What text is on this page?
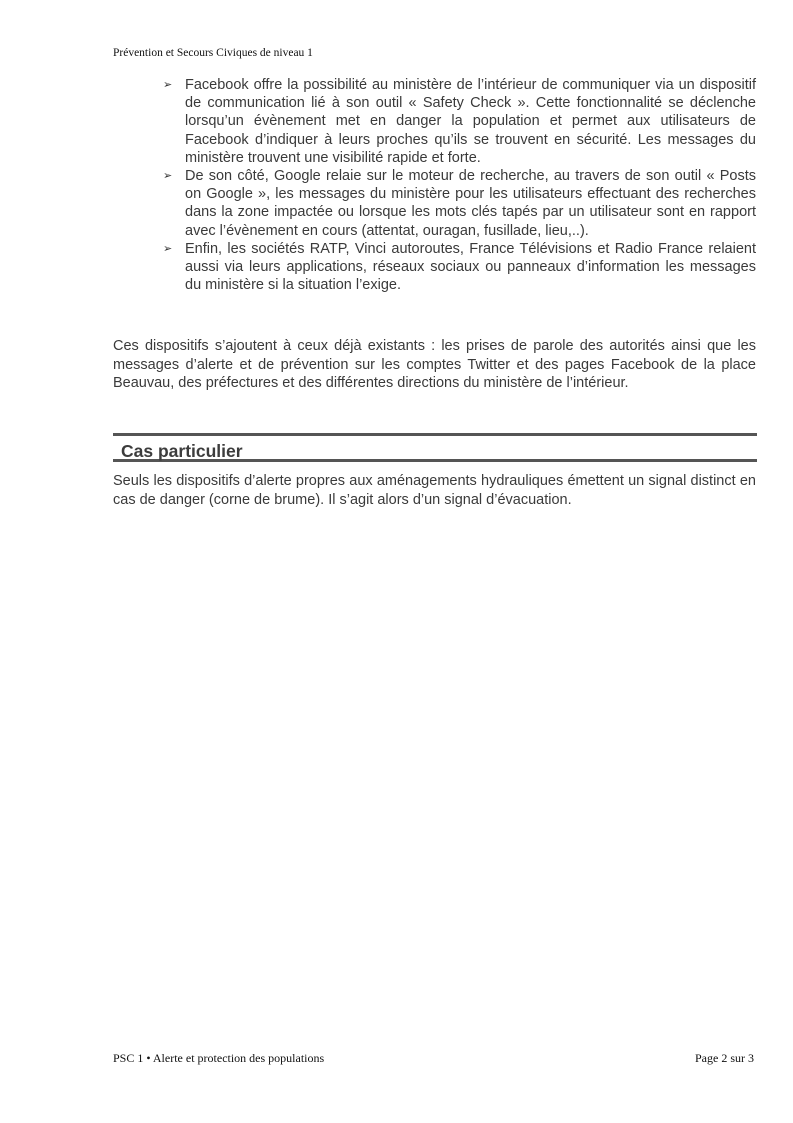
Prévention et Secours Civiques de niveau 1
➢ Facebook offre la possibilité au ministère de l’intérieur de communiquer via un dispositif de communication lié à son outil « Safety Check ». Cette fonctionnalité se déclenche lorsqu’un évènement met en danger la population et permet aux utilisateurs de Facebook d’indiquer à leurs proches qu’ils se trouvent en sécurité. Les messages du ministère trouvent une visibilité rapide et forte.
➢ De son côté, Google relaie sur le moteur de recherche, au travers de son outil « Posts on Google », les messages du ministère pour les utilisateurs effectuant des recherches dans la zone impactée ou lorsque les mots clés tapés par un utilisateur sont en rapport avec l’évènement en cours (attentat, ouragan, fusillade, lieu,..).
➢ Enfin, les sociétés RATP, Vinci autoroutes, France Télévisions et Radio France relaient aussi via leurs applications, réseaux sociaux ou panneaux d’information les messages du ministère si la situation l’exige.

Ces dispositifs s’ajoutent à ceux déjà existants : les prises de parole des autorités ainsi que les messages d’alerte et de prévention sur les comptes Twitter et des pages Facebook de la place Beauvau, des préfectures et des différentes directions du ministère de l’intérieur.

Cas particulier

Seuls les dispositifs d’alerte propres aux aménagements hydrauliques émettent un signal distinct en cas de danger (corne de brume). Il s’agit alors d’un signal d’évacuation.

PSC 1 • Alerte et protection des populations	Page 2 sur 3
